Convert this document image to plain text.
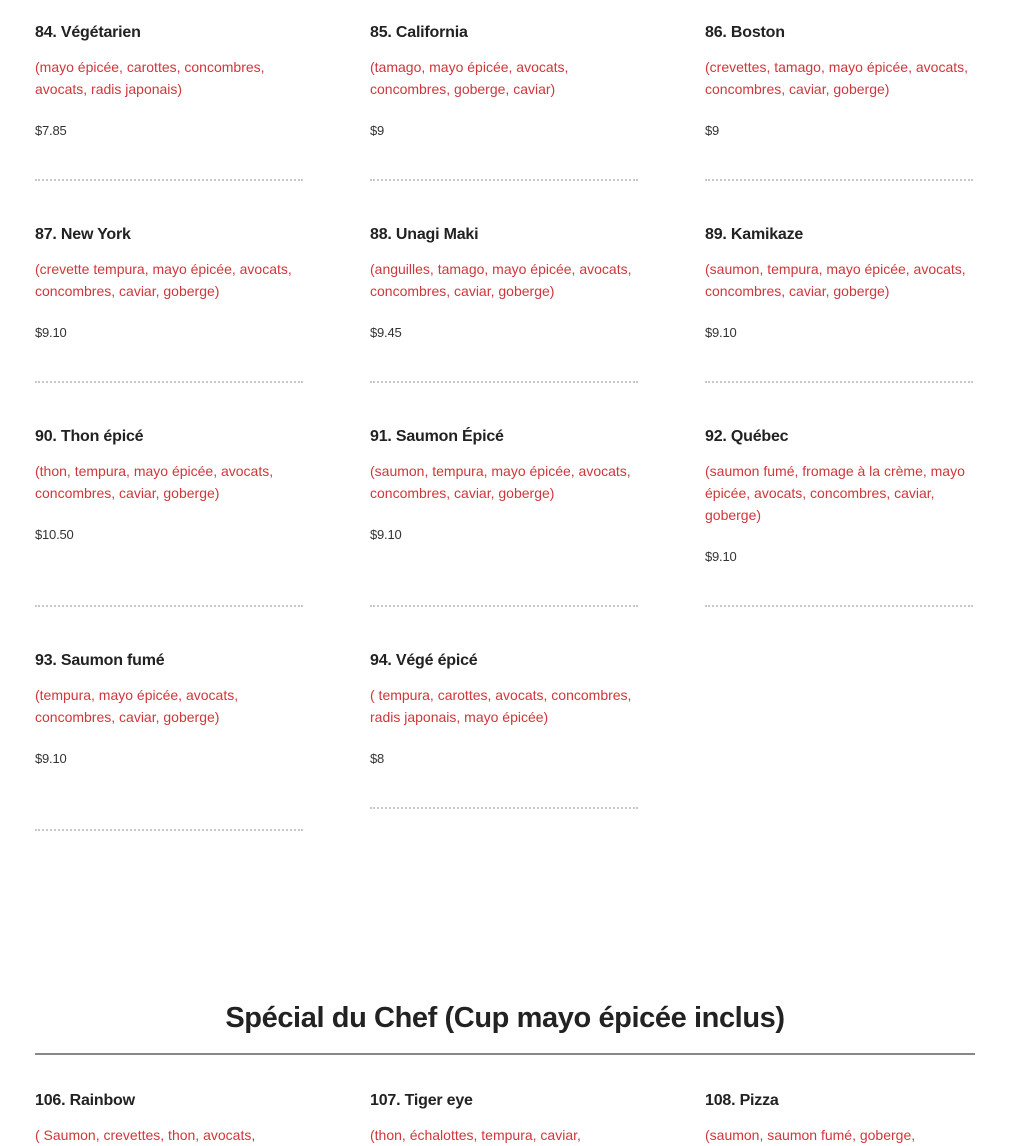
84. Végétarien
(mayo épicée, carottes, concombres, avocats, radis japonais)
$7.85
85. California
(tamago, mayo épicée, avocats, concombres, goberge, caviar)
$9
86. Boston
(crevettes, tamago, mayo épicée, avocats, concombres, caviar, goberge)
$9
87. New York
(crevette tempura, mayo épicée, avocats, concombres, caviar, goberge)
$9.10
88. Unagi Maki
(anguilles, tamago, mayo épicée, avocats, concombres, caviar, goberge)
$9.45
89. Kamikaze
(saumon, tempura, mayo épicée, avocats, concombres, caviar, goberge)
$9.10
90. Thon épicé
(thon, tempura, mayo épicée, avocats, concombres, caviar, goberge)
$10.50
91. Saumon Épicé
(saumon, tempura, mayo épicée, avocats, concombres, caviar, goberge)
$9.10
92. Québec
(saumon fumé, fromage à la crème, mayo épicée, avocats, concombres, caviar, goberge)
$9.10
93. Saumon fumé
(tempura, mayo épicée, avocats, concombres, caviar, goberge)
$9.10
94. Végé épicé
( tempura, carottes, avocats, concombres, radis japonais, mayo épicée)
$8
Spécial du Chef (Cup mayo épicée inclus)
106. Rainbow
( Saumon, crevettes, thon, avocats,
107. Tiger eye
(thon, échalottes, tempura, caviar,
108. Pizza
(saumon, saumon fumé, goberge,
